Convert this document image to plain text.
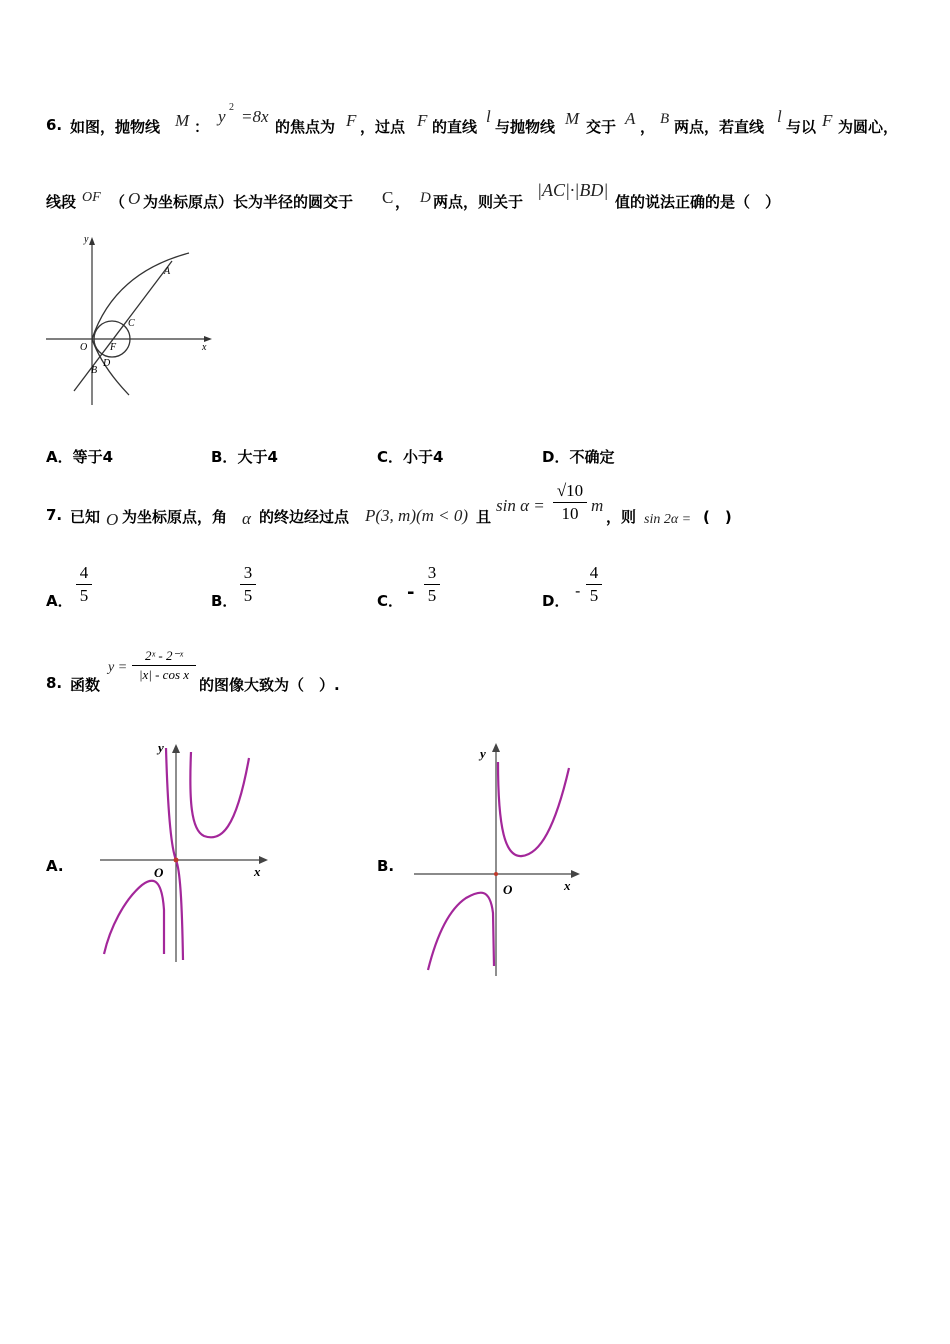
6. 如图，抛物线 M ：
y 2 =8x
的焦点为 F ，过点 F 的直线
l
与抛物线 M 交于 A ， B 两点，若直线
l
与以 F 为圆心，
线段 OF （ O 为坐标原点）长为半径的圆交于 C ， D 两点，则关于
|AC|·|BD|
值的说法正确的是（　）
y
x
O F
A
B
C
D
A．等于4	B．大于4	C．小于4	D．不确定
7. 已知 O 为坐标原点，角 α 的终边经过点 P(3, m)(m < 0) 且
sin α =
√10
10 m
，则 sin 2α = (　)
A．
4
5	B．
3
5	C． -
3
5	D．
-
4
5
8. 函数
y =
2ˣ - 2⁻ˣ
|x| - cos x
的图像大致为（　）.
A.
y
x
O	B.
y
x
O
